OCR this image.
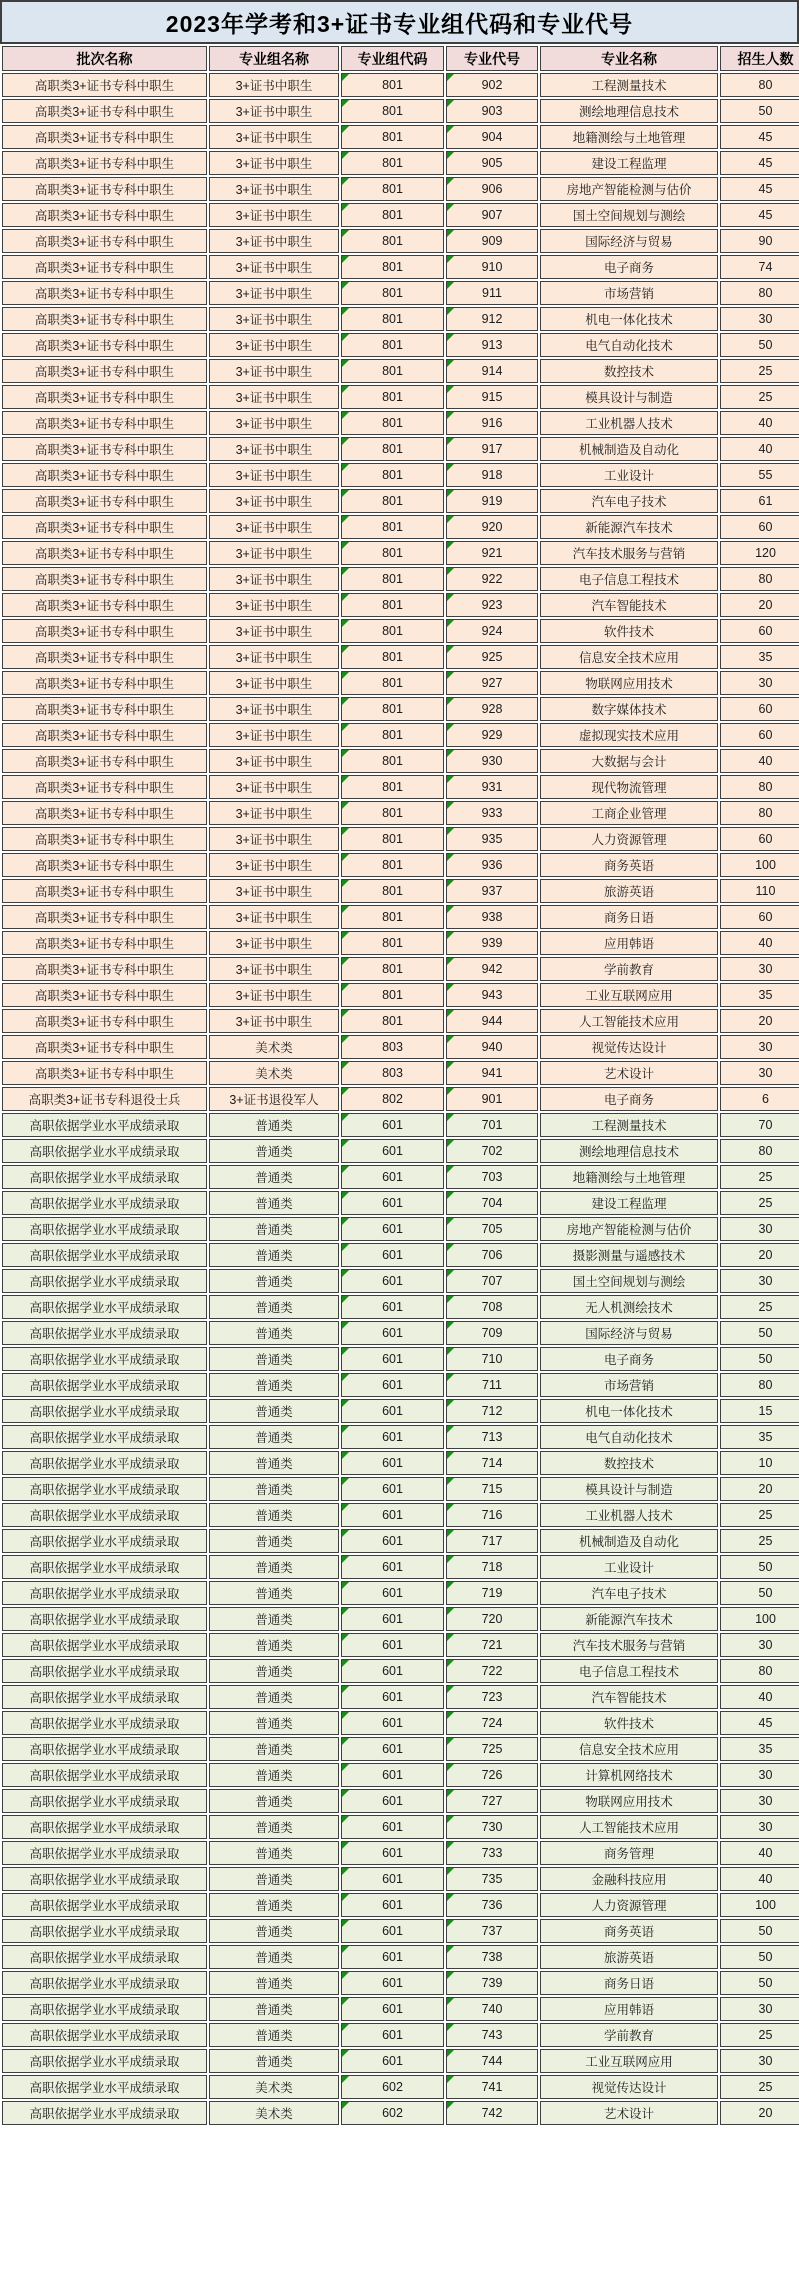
2023年学考和3+证书专业组代码和专业代号
批次名称	专业组名称	专业组代码	专业代号	专业名称	招生人数
高职类3+证书专科中职生	3+证书中职生	801	902	工程测量技术	80
高职类3+证书专科中职生	3+证书中职生	801	903	测绘地理信息技术	50
高职类3+证书专科中职生	3+证书中职生	801	904	地籍测绘与土地管理	45
高职类3+证书专科中职生	3+证书中职生	801	905	建设工程监理	45
高职类3+证书专科中职生	3+证书中职生	801	906	房地产智能检测与估价	45
高职类3+证书专科中职生	3+证书中职生	801	907	国土空间规划与测绘	45
高职类3+证书专科中职生	3+证书中职生	801	909	国际经济与贸易	90
高职类3+证书专科中职生	3+证书中职生	801	910	电子商务	74
高职类3+证书专科中职生	3+证书中职生	801	911	市场营销	80
高职类3+证书专科中职生	3+证书中职生	801	912	机电一体化技术	30
高职类3+证书专科中职生	3+证书中职生	801	913	电气自动化技术	50
高职类3+证书专科中职生	3+证书中职生	801	914	数控技术	25
高职类3+证书专科中职生	3+证书中职生	801	915	模具设计与制造	25
高职类3+证书专科中职生	3+证书中职生	801	916	工业机器人技术	40
高职类3+证书专科中职生	3+证书中职生	801	917	机械制造及自动化	40
高职类3+证书专科中职生	3+证书中职生	801	918	工业设计	55
高职类3+证书专科中职生	3+证书中职生	801	919	汽车电子技术	61
高职类3+证书专科中职生	3+证书中职生	801	920	新能源汽车技术	60
高职类3+证书专科中职生	3+证书中职生	801	921	汽车技术服务与营销	120
高职类3+证书专科中职生	3+证书中职生	801	922	电子信息工程技术	80
高职类3+证书专科中职生	3+证书中职生	801	923	汽车智能技术	20
高职类3+证书专科中职生	3+证书中职生	801	924	软件技术	60
高职类3+证书专科中职生	3+证书中职生	801	925	信息安全技术应用	35
高职类3+证书专科中职生	3+证书中职生	801	927	物联网应用技术	30
高职类3+证书专科中职生	3+证书中职生	801	928	数字媒体技术	60
高职类3+证书专科中职生	3+证书中职生	801	929	虚拟现实技术应用	60
高职类3+证书专科中职生	3+证书中职生	801	930	大数据与会计	40
高职类3+证书专科中职生	3+证书中职生	801	931	现代物流管理	80
高职类3+证书专科中职生	3+证书中职生	801	933	工商企业管理	80
高职类3+证书专科中职生	3+证书中职生	801	935	人力资源管理	60
高职类3+证书专科中职生	3+证书中职生	801	936	商务英语	100
高职类3+证书专科中职生	3+证书中职生	801	937	旅游英语	110
高职类3+证书专科中职生	3+证书中职生	801	938	商务日语	60
高职类3+证书专科中职生	3+证书中职生	801	939	应用韩语	40
高职类3+证书专科中职生	3+证书中职生	801	942	学前教育	30
高职类3+证书专科中职生	3+证书中职生	801	943	工业互联网应用	35
高职类3+证书专科中职生	3+证书中职生	801	944	人工智能技术应用	20
高职类3+证书专科中职生	美术类	803	940	视觉传达设计	30
高职类3+证书专科中职生	美术类	803	941	艺术设计	30
高职类3+证书专科退役士兵	3+证书退役军人	802	901	电子商务	6
高职依据学业水平成绩录取	普通类	601	701	工程测量技术	70
高职依据学业水平成绩录取	普通类	601	702	测绘地理信息技术	80
高职依据学业水平成绩录取	普通类	601	703	地籍测绘与土地管理	25
高职依据学业水平成绩录取	普通类	601	704	建设工程监理	25
高职依据学业水平成绩录取	普通类	601	705	房地产智能检测与估价	30
高职依据学业水平成绩录取	普通类	601	706	摄影测量与遥感技术	20
高职依据学业水平成绩录取	普通类	601	707	国土空间规划与测绘	30
高职依据学业水平成绩录取	普通类	601	708	无人机测绘技术	25
高职依据学业水平成绩录取	普通类	601	709	国际经济与贸易	50
高职依据学业水平成绩录取	普通类	601	710	电子商务	50
高职依据学业水平成绩录取	普通类	601	711	市场营销	80
高职依据学业水平成绩录取	普通类	601	712	机电一体化技术	15
高职依据学业水平成绩录取	普通类	601	713	电气自动化技术	35
高职依据学业水平成绩录取	普通类	601	714	数控技术	10
高职依据学业水平成绩录取	普通类	601	715	模具设计与制造	20
高职依据学业水平成绩录取	普通类	601	716	工业机器人技术	25
高职依据学业水平成绩录取	普通类	601	717	机械制造及自动化	25
高职依据学业水平成绩录取	普通类	601	718	工业设计	50
高职依据学业水平成绩录取	普通类	601	719	汽车电子技术	50
高职依据学业水平成绩录取	普通类	601	720	新能源汽车技术	100
高职依据学业水平成绩录取	普通类	601	721	汽车技术服务与营销	30
高职依据学业水平成绩录取	普通类	601	722	电子信息工程技术	80
高职依据学业水平成绩录取	普通类	601	723	汽车智能技术	40
高职依据学业水平成绩录取	普通类	601	724	软件技术	45
高职依据学业水平成绩录取	普通类	601	725	信息安全技术应用	35
高职依据学业水平成绩录取	普通类	601	726	计算机网络技术	30
高职依据学业水平成绩录取	普通类	601	727	物联网应用技术	30
高职依据学业水平成绩录取	普通类	601	730	人工智能技术应用	30
高职依据学业水平成绩录取	普通类	601	733	商务管理	40
高职依据学业水平成绩录取	普通类	601	735	金融科技应用	40
高职依据学业水平成绩录取	普通类	601	736	人力资源管理	100
高职依据学业水平成绩录取	普通类	601	737	商务英语	50
高职依据学业水平成绩录取	普通类	601	738	旅游英语	50
高职依据学业水平成绩录取	普通类	601	739	商务日语	50
高职依据学业水平成绩录取	普通类	601	740	应用韩语	30
高职依据学业水平成绩录取	普通类	601	743	学前教育	25
高职依据学业水平成绩录取	普通类	601	744	工业互联网应用	30
高职依据学业水平成绩录取	美术类	602	741	视觉传达设计	25
高职依据学业水平成绩录取	美术类	602	742	艺术设计	20
